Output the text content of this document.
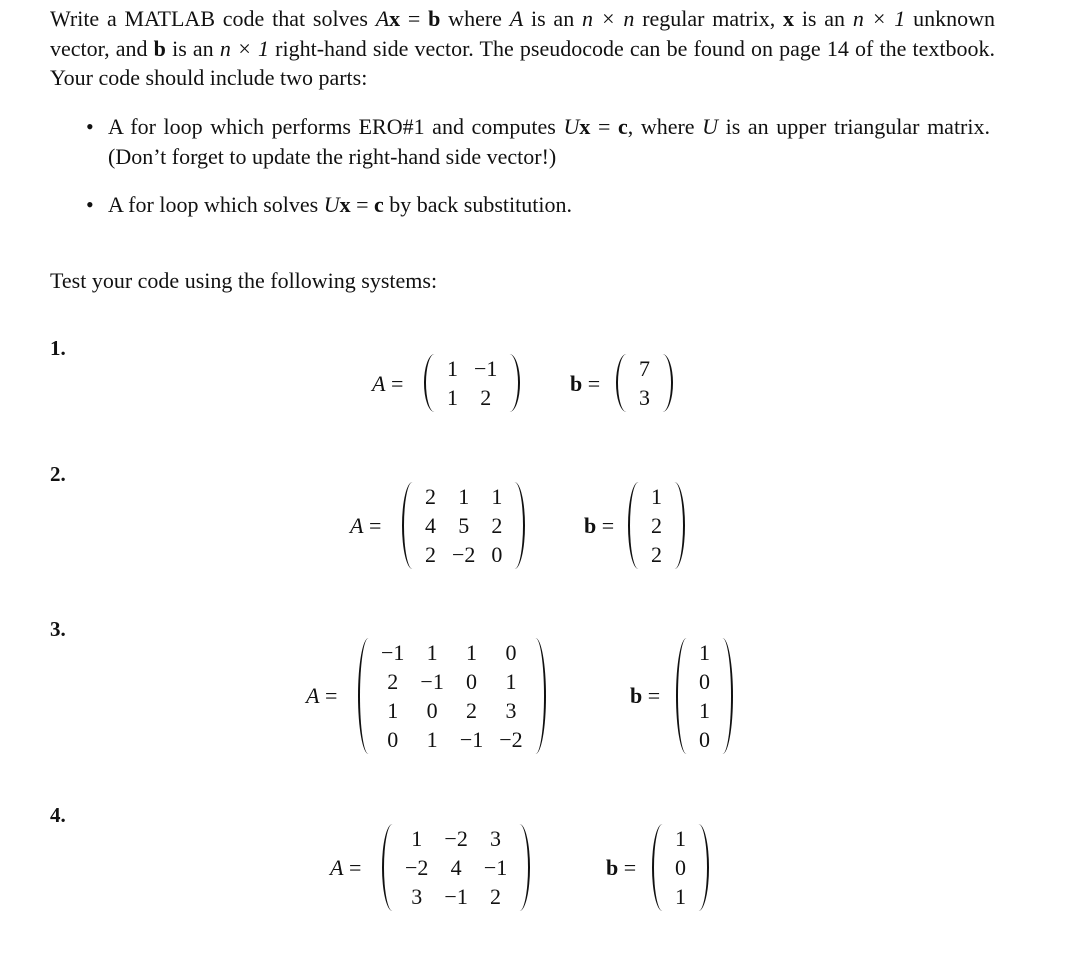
Write a MATLAB code that solves Ax = b where A is an n × n regular matrix, x is an n × 1 unknown vector, and b is an n × 1 right-hand side vector. The pseudocode can be found on page 14 of the textbook. Your code should include two parts:
• A for loop which performs ERO#1 and computes Ux = c, where U is an upper triangular matrix. (Don’t forget to update the right-hand side vector!)
• A for loop which solves Ux = c by back substitution.
Test your code using the following systems:
1.
A =
1	−1
1	2
b =
7
3
2.
A =
2	1	1
4	5	2
2	−2	0
b =
1
2
2
3.
A =
−1	1	1	0
2	−1	0	1
1	0	2	3
0	1	−1	−2
b =
1
0
1
0
4.
A =
1	−2	3
−2	4	−1
3	−1	2
b =
1
0
1
